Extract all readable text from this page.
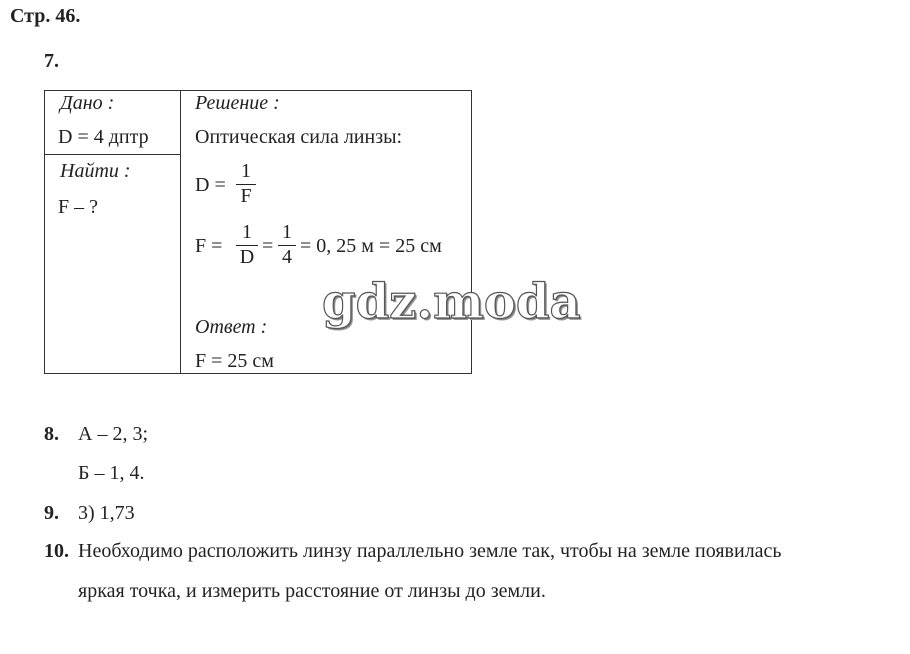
Стр. 46.
7.
Дано :
D = 4 дптр
Найти :
F – ?
Решение :
Оптическая сила линзы:
D =
1
F
F =
1
D =
1
4 = 0, 25 м = 25 см
Ответ :
F = 25 см
gdz.moda
8. А – 2, 3;
Б – 1, 4.
9. 3) 1,73
10. Необходимо расположить линзу параллельно земле так, чтобы на земле появилась
яркая точка, и измерить расстояние от линзы до земли.
